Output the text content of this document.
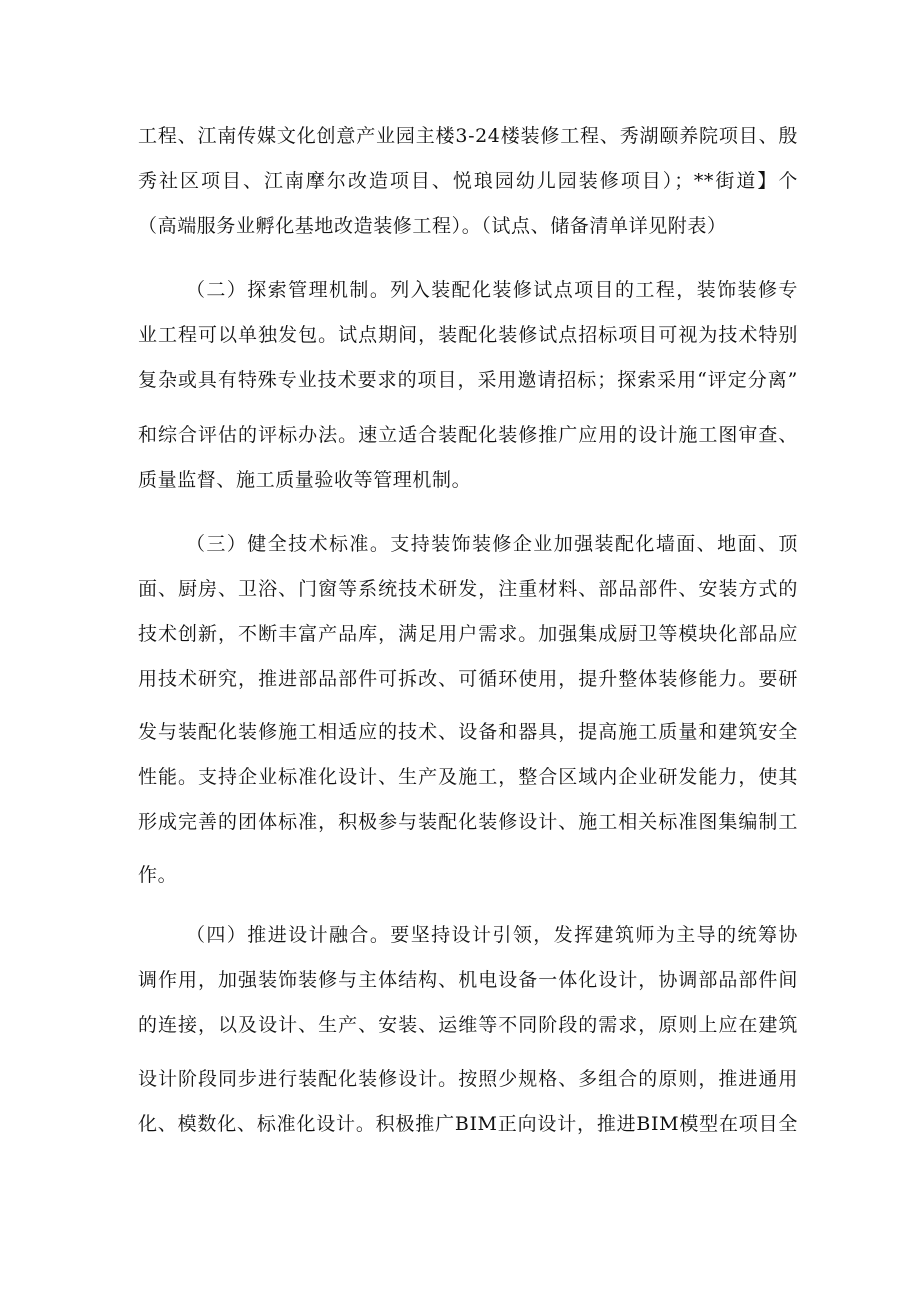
工程、江南传媒文化创意产业园主楼3-24楼装修工程、秀湖颐养院项目、殷
秀社区项目、江南摩尔改造项目、悦琅园幼儿园装修项目）；**街道】个
（高端服务业孵化基地改造装修工程）。（试点、储备清单详见附表）
（二）探索管理机制。列入装配化装修试点项目的工程，装饰装修专
业工程可以单独发包。试点期间，装配化装修试点招标项目可视为技术特别
复杂或具有特殊专业技术要求的项目，采用邀请招标；探索采用“评定分离”
和综合评估的评标办法。速立适合装配化装修推广应用的设计施工图审查、
质量监督、施工质量验收等管理机制。
（三）健全技术标准。支持装饰装修企业加强装配化墙面、地面、顶
面、厨房、卫浴、门窗等系统技术研发，注重材料、部品部件、安装方式的
技术创新，不断丰富产品库，满足用户需求。加强集成厨卫等模块化部品应
用技术研究，推进部品部件可拆改、可循环使用，提升整体装修能力。要研
发与装配化装修施工相适应的技术、设备和器具，提高施工质量和建筑安全
性能。支持企业标准化设计、生产及施工，整合区域内企业研发能力，使其
形成完善的团体标准，积极参与装配化装修设计、施工相关标准图集编制工
作。
（四）推进设计融合。要坚持设计引领，发挥建筑师为主导的统筹协
调作用，加强装饰装修与主体结构、机电设备一体化设计，协调部品部件间
的连接，以及设计、生产、安装、运维等不同阶段的需求，原则上应在建筑
设计阶段同步进行装配化装修设计。按照少规格、多组合的原则，推进通用
化、模数化、标准化设计。积极推广BIM正向设计，推进BIM模型在项目全
